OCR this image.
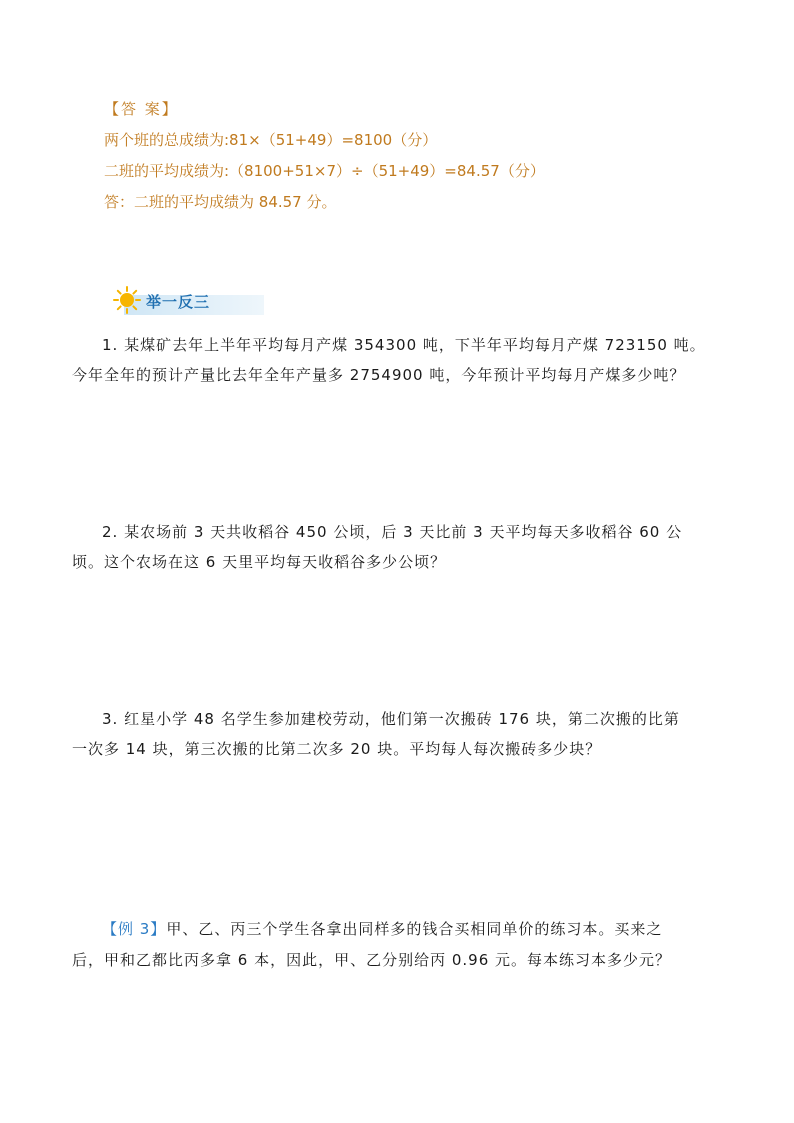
【答 案】
两个班的总成绩为:81×（51+49）=8100（分）
二班的平均成绩为:（8100+51×7）÷（51+49）=84.57（分）
答：二班的平均成绩为 84.57 分。
举一反三
1. 某煤矿去年上半年平均每月产煤 354300 吨，下半年平均每月产煤 723150 吨。
今年全年的预计产量比去年全年产量多 2754900 吨，今年预计平均每月产煤多少吨？
2. 某农场前 3 天共收稻谷 450 公顷，后 3 天比前 3 天平均每天多收稻谷 60 公
顷。这个农场在这 6 天里平均每天收稻谷多少公顷？
3. 红星小学 48 名学生参加建校劳动，他们第一次搬砖 176 块，第二次搬的比第
一次多 14 块，第三次搬的比第二次多 20 块。平均每人每次搬砖多少块？
【例 3】甲、乙、丙三个学生各拿出同样多的钱合买相同单价的练习本。买来之
后，甲和乙都比丙多拿 6 本，因此，甲、乙分别给丙 0.96 元。每本练习本多少元？
